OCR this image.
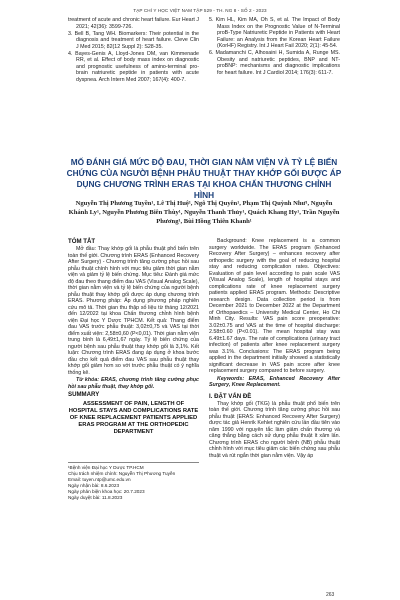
TẠP CHÍ Y HỌC VIỆT NAM TẬP 529 - TH. NG 8 - SỐ 2 - 2023
treatment of acute and chronic heart failure. Eur Heart J 2021; 42(36): 3599-726.
3. Bell B, Tang WH. Biomarkers: Their potential in the diagnosis and treatment of heart failure. Cleve Clin J Med 2015; 82(12 Suppl 2): S28-35.
4. Bayes-Genis A, Lloyd-Jones DM, van Kimmenade RR, et al. Effect of body mass index on diagnostic and prognostic usefulness of amino-terminal pro-brain natriuretic peptide in patients with acute dyspnea. Arch Intern Med 2007; 167(4): 400-7.
5. Kim HL, Kim MA, Oh S, et al. The Impact of Body Mass Index on the Prognostic Value of N-Terminal proB-Type Natriuretic Peptide in Patients with Heart Failure: an Analysis from the Korean Heart Failure (KorHF) Registry. Int J Heart Fail 2020; 2(1): 45-54.
6. Madamanchi C, Alhosaini H, Sumida A, Runge MS. Obesity and natriuretic peptides, BNP and NT-proBNP: mechanisms and diagnostic implications for heart failure. Int J Cardiol 2014; 176(3): 611-7.
MỐ ĐÁNH GIÁ MỨC ĐỘ ĐAU, THỜI GIAN NẰM VIỆN VÀ TỶ LỆ BIẾN CHỨNG CỦA NGƯỜI BỆNH PHẪU THUẬT THAY KHỚP GỐI ĐƯỢC ÁP DỤNG CHƯƠNG TRÌNH ERAS TẠI KHOA CHẤN THƯƠNG CHỈNH HÌNH
Nguyễn Thị Phương Tuyền¹, Lê Thị Huệ¹, Ngô Thị Quyên¹, Phạm Thị Quỳnh Như¹, Nguyễn Khánh Ly¹, Nguyễn Phương Biên Thùy¹, Nguyễn Thanh Thủy¹, Quách Khang Hy¹, Trần Nguyễn Phương¹, Bùi Hồng Thiên Khanh¹
TÓM TẮT
Mở đầu: Thay khớp gối là phẫu thuật phổ biến trên toàn thế giới. Chương trình ERAS (Enhanced Recovery After Surgery) - Chương trình tăng cường phục hồi sau phẫu thuật chính hình với mục tiêu giảm thời gian nằm viện và giảm tỷ lệ biến chứng. Mục tiêu: Đánh giá mức độ đau theo thang điểm đau VAS (Visual Analog Scale), thời gian nằm viện và tỷ lệ biến chứng của người bệnh phẫu thuật thay khớp gối được áp dụng chương trình ERAS. Phương pháp: Áp dụng phương pháp nghiên cứu mô tả. Thời gian thu thập số liệu từ tháng 12/2021 đến 12/2022 tại khoa Chấn thương chỉnh hình bệnh viện Đại học Y Dược TPHCM. Kết quả: Thang điểm đau VAS trước phẫu thuật: 3,02±0,75 và VAS tại thời điểm xuất viện: 2,58±0,60 (P<0,01). Thời gian nằm viện trung bình là 6,49±1,67 ngày. Tỷ lệ biến chứng của người bệnh sau phẫu thuật thay khớp gối là 3,1%. Kết luận: Chương trình ERAS đang áp dụng ở khoa bước đầu cho kết quả điểm đau VAS sau phẫu thuật thay khớp gối giảm hơn so với trước phẫu thuật có ý nghĩa thống kê.
Từ khóa: ERAS, chương trình tăng cường phục hồi sau phẫu thuật, thay khớp gối.
SUMMARY
ASSESSMENT OF PAIN, LENGTH OF HOSPITAL STAYS AND COMPLICATIONS RATE OF KNEE REPLACEMENT PATIENTS APPLIED ERAS PROGRAM AT THE ORTHOPEDIC DEPARTMENT
Background: Knee replacement is a common surgery worldwide. The ERAS program (Enhanced Recovery After Surgery) – enhances recovery after orthopedic surgery with the goal of reducing hospital stay and reducing complication rates. Objectives: Evaluation of pain level according to pain scale VAS (Visual Analog Scale), length of hospital stays and complications rate of knee replacement surgery patients applied ERAS program. Methods: Descriptive research design. Data collection period is from December 2021 to December 2022 at the Department of Orthopaedics – University Medical Center, Ho Chi Minh City. Results: VAS pain score preoperative: 3.02±0.75 and VAS at the time of hospital discharge: 2.58±0.60 (P<0.01). The mean hospital stay was 6.49±1.67 days. The rate of complications (urinary tract infection) of patients after knee replacement surgery was 3.1%. Conclusions: The ERAS program being applied in the department initially showed a statistically significant decrease in VAS pain score after knee replacement surgery compared to before surgery.
Keywords: ERAS, Enhanced Recovery After Surgery, Knee Replacement.
I. ĐẶT VẤN ĐỀ
Thay khớp gối (TKG) là phẫu thuật phổ biến trên toàn thế giới. Chương trình tăng cường phục hồi sau phẫu thuật (ERAS: Enhanced Recovery After Surgery) được tác giả Henrik Kehlet nghiên cứu lần đầu tiên vào năm 1990 với nguyên tắc làm giảm chấn thương và căng thẳng bằng cách sử dụng phẫu thuật ít xâm lấn. Chương trình ERAS cho người bệnh (NB) phẫu thuật chỉnh hình với mục tiêu giảm các biến chứng sau phẫu thuật và rút ngắn thời gian nằm viện. Vậy áp
¹Bệnh viện Đại học Y Dược TP.HCM
Chịu trách nhiệm chính: Nguyễn Thị Phương Tuyền
Email: tuyen.ntp@umc.edu.vn
Ngày nhận bài: 8.6.2023
Ngày phản biện khoa học: 20.7.2023
Ngày duyệt bài: 11.8.2023
263
